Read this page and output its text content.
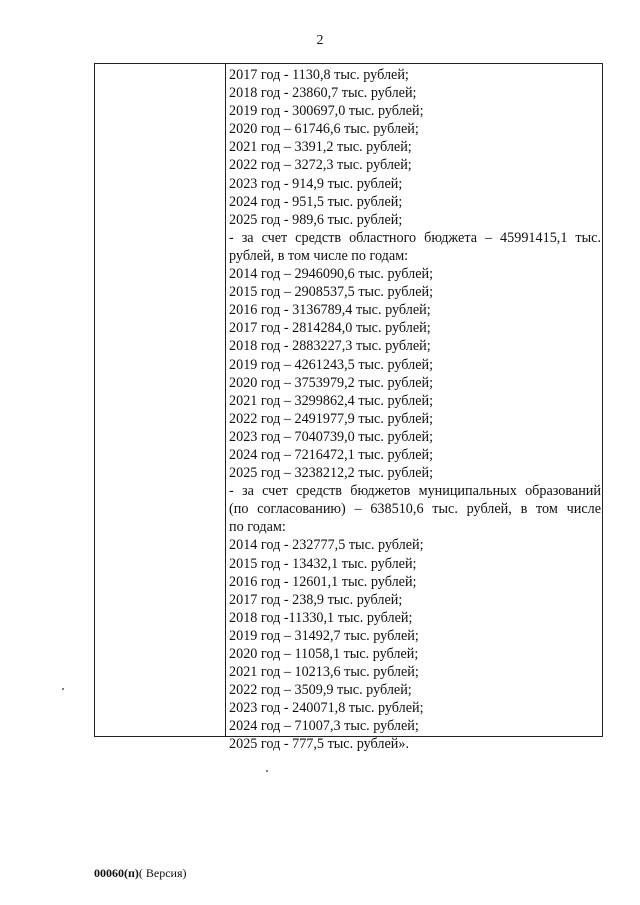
2
2017 год - 1130,8 тыс. рублей;
2018 год - 23860,7 тыс. рублей;
2019 год - 300697,0 тыс. рублей;
2020 год – 61746,6 тыс. рублей;
2021 год – 3391,2 тыс. рублей;
2022 год – 3272,3 тыс. рублей;
2023 год - 914,9 тыс. рублей;
2024 год - 951,5 тыс. рублей;
2025 год - 989,6 тыс. рублей;
- за счет средств областного бюджета – 45991415,1 тыс.
рублей, в том числе по годам:
2014 год – 2946090,6 тыс. рублей;
2015 год – 2908537,5 тыс. рублей;
2016 год - 3136789,4 тыс. рублей;
2017 год - 2814284,0 тыс. рублей;
2018 год - 2883227,3 тыс. рублей;
2019 год – 4261243,5 тыс. рублей;
2020 год – 3753979,2 тыс. рублей;
2021 год – 3299862,4 тыс. рублей;
2022 год – 2491977,9 тыс. рублей;
2023 год – 7040739,0 тыс. рублей;
2024 год – 7216472,1 тыс. рублей;
2025 год – 3238212,2 тыс. рублей;
- за счет средств бюджетов муниципальных образований
(по согласованию) – 638510,6 тыс. рублей, в том числе
по годам:
2014 год - 232777,5 тыс. рублей;
2015 год - 13432,1 тыс. рублей;
2016 год - 12601,1 тыс. рублей;
2017 год - 238,9 тыс. рублей;
2018 год -11330,1 тыс. рублей;
2019 год – 31492,7 тыс. рублей;
2020 год – 11058,1 тыс. рублей;
2021 год – 10213,6 тыс. рублей;
2022 год – 3509,9 тыс. рублей;
2023 год - 240071,8 тыс. рублей;
2024 год – 71007,3 тыс. рублей;
2025 год - 777,5 тыс. рублей».
00060(п)( Версия)
